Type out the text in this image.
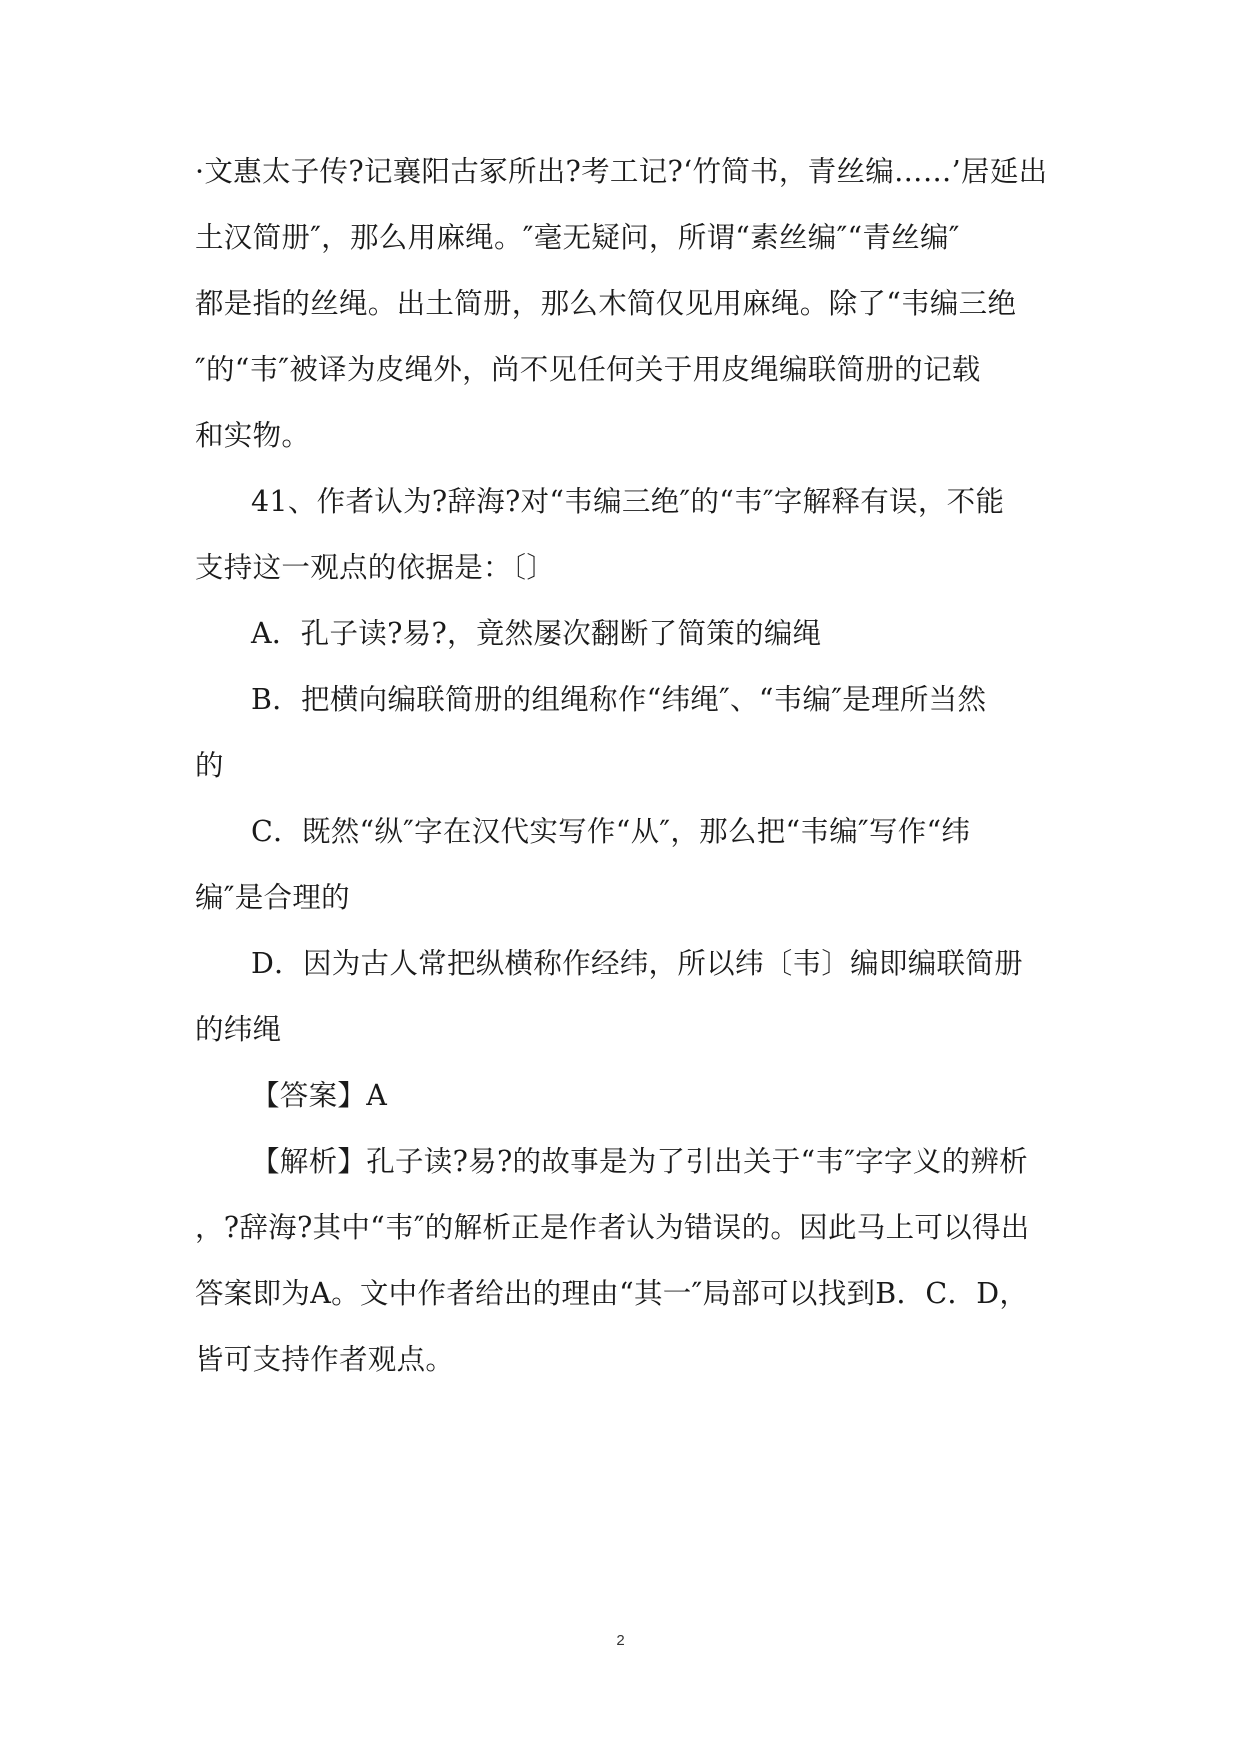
·文惠太子传?记襄阳古冢所出?考工记?‘竹简书，青丝编……’居延出
土汉简册″，那么用麻绳。″毫无疑问，所谓“素丝编″“青丝编″
都是指的丝绳。出土简册，那么木简仅见用麻绳。除了“韦编三绝
″的“韦″被译为皮绳外，尚不见任何关于用皮绳编联简册的记载
和实物。
41、作者认为?辞海?对“韦编三绝″的“韦″字解释有误，不能
支持这一观点的依据是：〔〕
A．孔子读?易?，竟然屡次翻断了简策的编绳
B．把横向编联简册的组绳称作“纬绳″、“韦编″是理所当然
的
C．既然“纵″字在汉代实写作“从″，那么把“韦编″写作“纬
编″是合理的
D．因为古人常把纵横称作经纬，所以纬〔韦〕编即编联简册
的纬绳
【答案】A
【解析】孔子读?易?的故事是为了引出关于“韦″字字义的辨析
，?辞海?其中“韦″的解析正是作者认为错误的。因此马上可以得出
答案即为A。文中作者给出的理由“其一″局部可以找到B．C．D，
皆可支持作者观点。
2
